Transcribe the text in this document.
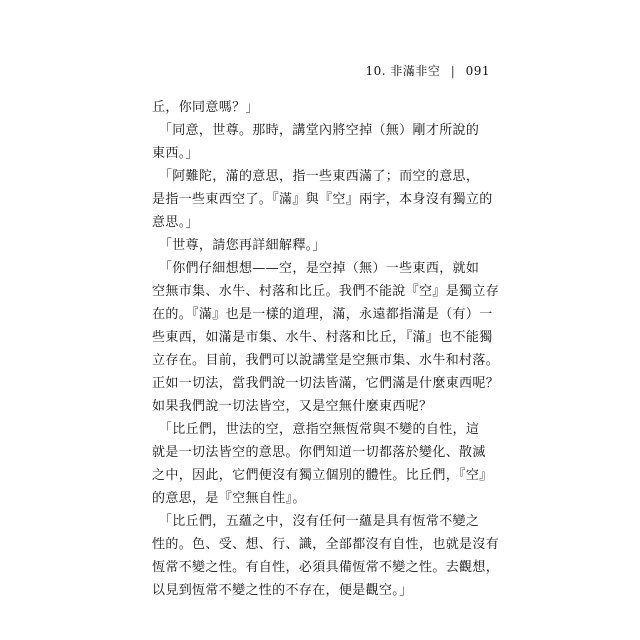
10. 非滿非空 | 091
丘，你同意嗎？」
　「同意，世尊。那時，講堂內將空掉（無）剛才所說的
東西。」
　「阿難陀，滿的意思，指一些東西滿了；而空的意思，
是指一些東西空了。『滿』與『空』兩字，本身沒有獨立的
意思。」
　「世尊，請您再詳細解釋。」
　「你們仔細想想——空，是空掉（無）一些東西，就如
空無市集、水牛、村落和比丘。我們不能說『空』是獨立存
在的。『滿』也是一樣的道理，滿，永遠都指滿是（有）一
些東西，如滿是市集、水牛、村落和比丘，『滿』也不能獨
立存在。目前，我們可以說講堂是空無市集、水牛和村落。
正如一切法，當我們說一切法皆滿，它們滿是什麼東西呢？
如果我們說一切法皆空，又是空無什麼東西呢？
　「比丘們，世法的空，意指空無恆常與不變的自性，這
就是一切法皆空的意思。你們知道一切都落於變化、散滅
之中，因此，它們便沒有獨立個別的體性。比丘們，『空』
的意思，是『空無自性』。
　「比丘們，五蘊之中，沒有任何一蘊是具有恆常不變之
性的。色、受、想、行、識，全部都沒有自性，也就是沒有
恆常不變之性。有自性，必須具備恆常不變之性。去觀想，
以見到恆常不變之性的不存在，便是觀空。」
